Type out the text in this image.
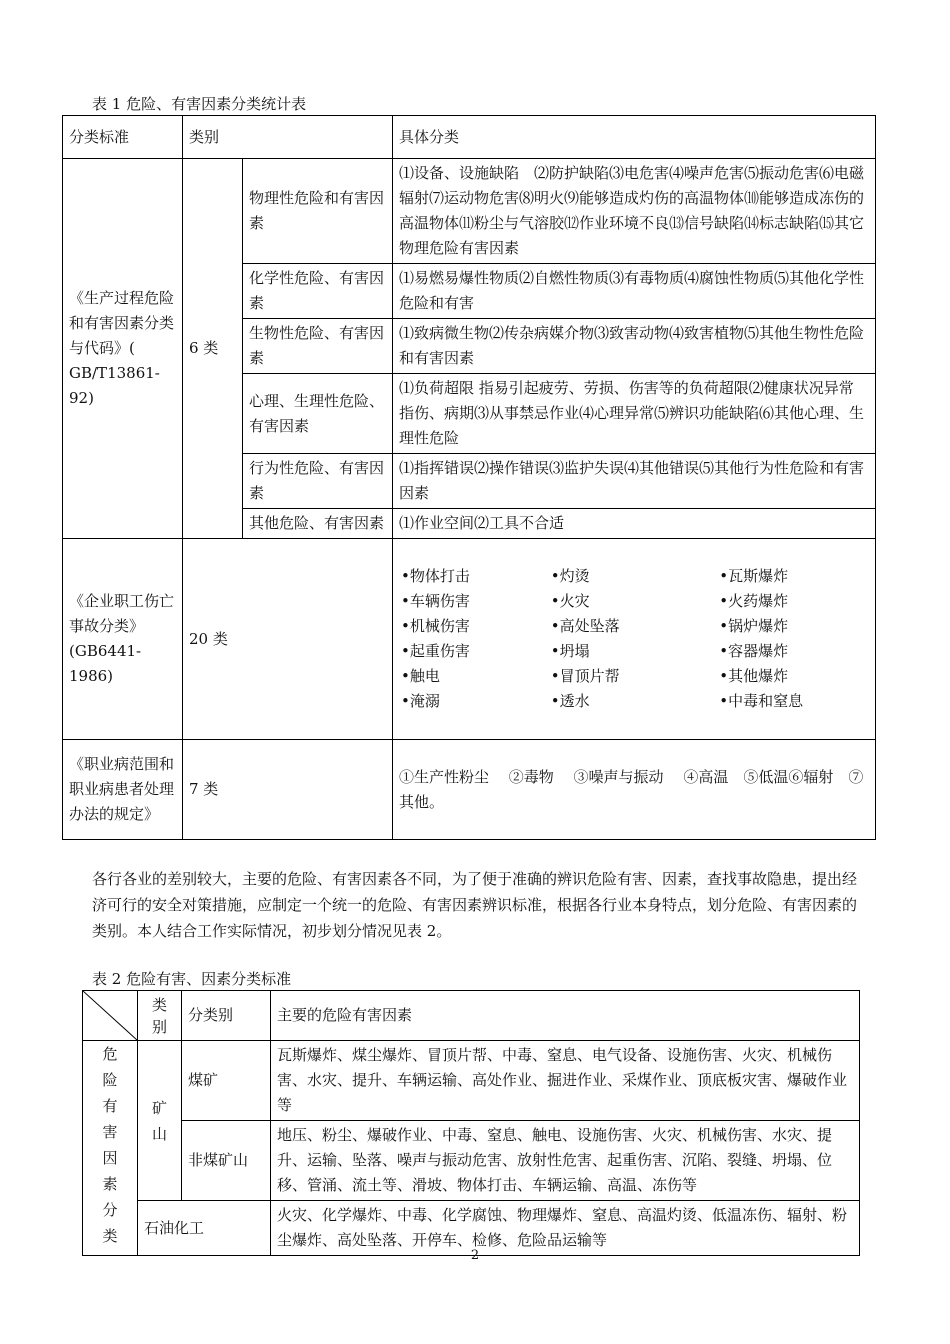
表 1 危险、有害因素分类统计表
分类标准	类别	具体分类
《生产过程危险和有害因素分类与代码》( GB/T13861-92)	6 类	物理性危险和有害因素	⑴设备、设施缺陷　⑵防护缺陷⑶电危害⑷噪声危害⑸振动危害⑹电磁辐射⑺运动物危害⑻明火⑼能够造成灼伤的高温物体⑽能够造成冻伤的高温物体⑾粉尘与气溶胶⑿作业环境不良⒀信号缺陷⒁标志缺陷⒂其它物理危险有害因素
化学性危险、有害因素	⑴易燃易爆性物质⑵自燃性物质⑶有毒物质⑷腐蚀性物质⑸其他化学性危险和有害
生物性危险、有害因素	⑴致病微生物⑵传杂病媒介物⑶致害动物⑷致害植物⑸其他生物性危险和有害因素
心理、生理性危险、有害因素	⑴负荷超限 指易引起疲劳、劳损、伤害等的负荷超限⑵健康状况异常 指伤、病期⑶从事禁忌作业⑷心理异常⑸辨识功能缺陷⑹其他心理、生理性危险
行为性危险、有害因素	⑴指挥错误⑵操作错误⑶监护失误⑷其他错误⑸其他行为性危险和有害因素
其他危险、有害因素	⑴作业空间⑵工具不合适
《企业职工伤亡事故分类》(GB6441-1986)	20 类	
•物体打击	•灼烫	•瓦斯爆炸
•车辆伤害	•火灾	•火药爆炸
•机械伤害	•高处坠落	•锅炉爆炸
•起重伤害	•坍塌	•容器爆炸
•触电	•冒顶片帮	•其他爆炸
•淹溺	•透水	•中毒和窒息

《职业病范围和职业病患者处理办法的规定》	7 类	①生产性粉尘　 ②毒物　 ③噪声与振动　 ④高温　⑤低温⑥辐射　⑦其他。
各行各业的差别较大，主要的危险、有害因素各不同，为了便于准确的辨识危险有害、因素，查找事故隐患，提出经济可行的安全对策措施，应制定一个统一的危险、有害因素辨识标准，根据各行业本身特点，划分危险、有害因素的类别。本人结合工作实际情况，初步划分情况见表 2。
表 2 危险有害、因素分类标准
	类别	分类别	主要的危险有害因素
危险有害因素分类	矿山	煤矿	瓦斯爆炸、煤尘爆炸、冒顶片帮、中毒、窒息、电气设备、设施伤害、火灾、机械伤害、水灾、提升、车辆运输、高处作业、掘进作业、采煤作业、顶底板灾害、爆破作业等
		非煤矿山	地压、粉尘、爆破作业、中毒、窒息、触电、设施伤害、火灾、机械伤害、水灾、提升、运输、坠落、噪声与振动危害、放射性危害、起重伤害、沉陷、裂缝、坍塌、位移、管涌、流土等、滑坡、物体打击、车辆运输、高温、冻伤等
	石油化工		火灾、化学爆炸、中毒、化学腐蚀、物理爆炸、窒息、高温灼烫、低温冻伤、辐射、粉尘爆炸、高处坠落、开停车、检修、危险品运输等
2
